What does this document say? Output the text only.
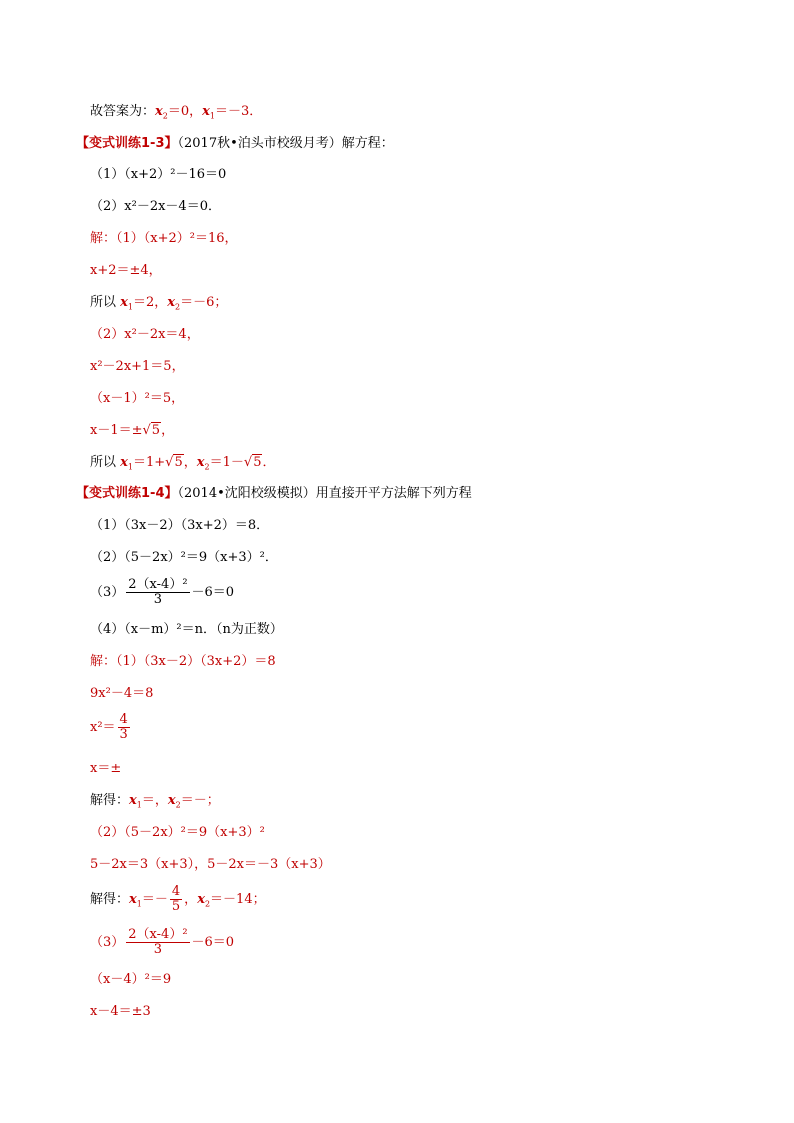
故答案为：$x_2=0$，$x_1=-3$．
【变式训练1-3】（2017秋•泊头市校级月考）解方程：
（1）（x+2）²－16＝0
（2）x²－2x－4＝0．
解：（1）（x+2）²＝16，
x+2＝±4，
所以 $x_1=2$，$x_2=-6$；
（2）x²－2x＝4，
x²－2x+1＝5，
（x－1）²＝5，
x－1＝±√5，
所以 $x_1=1+√5$，$x_2=1-√5$．
【变式训练1-4】（2014•沈阳校级模拟）用直接开平方法解下列方程
（1）（3x－2）（3x+2）＝8．
（2）（5－2x）²＝9（x+3）²．
$(3) \frac{\text{2（x-4）²}}{3} -6=0$
（4）（x－m）²＝n．（n为正数）
解：（1）（3x－2）（3x+2）＝8
9x²－4＝8
$x^2= \frac{4}{3}$
x＝±
解得：$x_1=$，$x_2=-$；
（2）（5－2x）²＝9（x+3）²
5－2x＝3（x+3），5－2x＝－3（x+3）
解得：$x_1=- \frac{4}{5}$ ，$x_2=-14$；
$(3) \frac{\text{2（x-4）²}}{3} -6=0$
（x－4）²＝9
x－4＝±3
